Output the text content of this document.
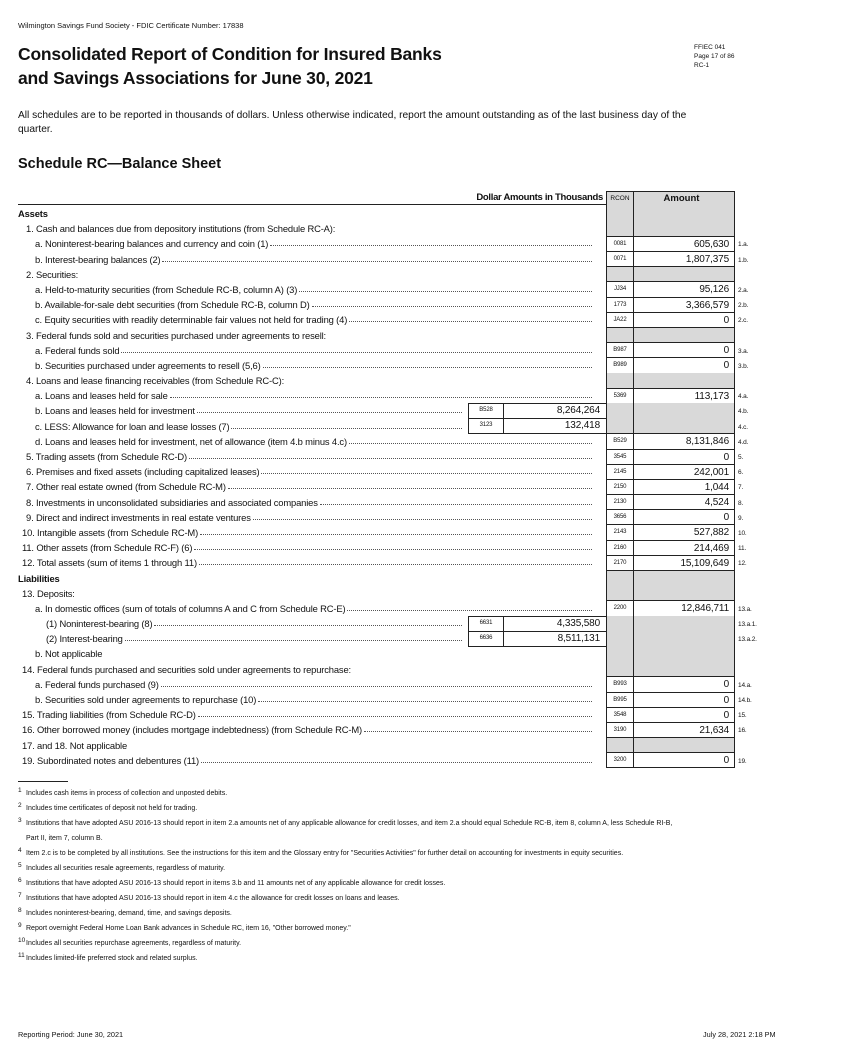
Wilmington Savings Fund Society - FDIC Certificate Number: 17838
Consolidated Report of Condition for Insured Banks
and Savings Associations for June 30, 2021
FFIEC 041
Page 17 of 86
RC-1
All schedules are to be reported in thousands of dollars. Unless otherwise indicated, report the amount outstanding as of the last business day of the quarter.
Schedule RC—Balance Sheet
Dollar Amounts in Thousands	RCON	Amount
Assets
1. Cash and balances due from depository institutions (from Schedule RC-A):
a. Noninterest-bearing balances and currency and coin (1)	0081	605,630	1.a.
b. Interest-bearing balances (2)	0071	1,807,375	1.b.
2. Securities:
a. Held-to-maturity securities (from Schedule RC-B, column A) (3)	JJ34	95,126	2.a.
b. Available-for-sale debt securities (from Schedule RC-B, column D)	1773	3,366,579	2.b.
c. Equity securities with readily determinable fair values not held for trading (4)	JA22	0	2.c.
3. Federal funds sold and securities purchased under agreements to resell:
a. Federal funds sold	B987	0	3.a.
b. Securities purchased under agreements to resell (5,6)	B989	0	3.b.
4. Loans and lease financing receivables (from Schedule RC-C):
a. Loans and leases held for sale	5369	113,173	4.a.
b. Loans and leases held for investment	B528	8,264,264	4.b.
c. LESS: Allowance for loan and lease losses (7)	3123	132,418	4.c.
d. Loans and leases held for investment, net of allowance (item 4.b minus 4.c)	B529	8,131,846	4.d.
5. Trading assets (from Schedule RC-D)	3545	0	5.
6. Premises and fixed assets (including capitalized leases)	2145	242,001	6.
7. Other real estate owned (from Schedule RC-M)	2150	1,044	7.
8. Investments in unconsolidated subsidiaries and associated companies	2130	4,524	8.
9. Direct and indirect investments in real estate ventures	3656	0	9.
10. Intangible assets (from Schedule RC-M)	2143	527,882	10.
11. Other assets (from Schedule RC-F) (6)	2160	214,469	11.
12. Total assets (sum of items 1 through 11)	2170	15,109,649	12.
Liabilities
13. Deposits:
a. In domestic offices (sum of totals of columns A and C from Schedule RC-E)	2200	12,846,711	13.a.
(1) Noninterest-bearing (8)	6631	4,335,580	13.a.1.
(2) Interest-bearing	6636	8,511,131	13.a.2.
b. Not applicable
14. Federal funds purchased and securities sold under agreements to repurchase:
a. Federal funds purchased (9)	B993	0	14.a.
b. Securities sold under agreements to repurchase (10)	B995	0	14.b.
15. Trading liabilities (from Schedule RC-D)	3548	0	15.
16. Other borrowed money (includes mortgage indebtedness) (from Schedule RC-M)	3190	21,634	16.
17. and 18. Not applicable
19. Subordinated notes and debentures (11)	3200	0	19.
1 Includes cash items in process of collection and unposted debits.
2 Includes time certificates of deposit not held for trading.
3 Institutions that have adopted ASU 2016-13 should report in item 2.a amounts net of any applicable allowance for credit losses, and item 2.a should equal Schedule RC-B, item 8, column A, less Schedule RI-B, Part II, item 7, column B.
4 Item 2.c is to be completed by all institutions. See the instructions for this item and the Glossary entry for "Securities Activities" for further detail on accounting for investments in equity securities.
5 Includes all securities resale agreements, regardless of maturity.
6 Institutions that have adopted ASU 2016-13 should report in items 3.b and 11 amounts net of any applicable allowance for credit losses.
7 Institutions that have adopted ASU 2016-13 should report in item 4.c the allowance for credit losses on loans and leases.
8 Includes noninterest-bearing, demand, time, and savings deposits.
9 Report overnight Federal Home Loan Bank advances in Schedule RC, item 16, "Other borrowed money."
10 Includes all securities repurchase agreements, regardless of maturity.
11 Includes limited-life preferred stock and related surplus.
Reporting Period: June 30, 2021	July 28, 2021 2:18 PM
